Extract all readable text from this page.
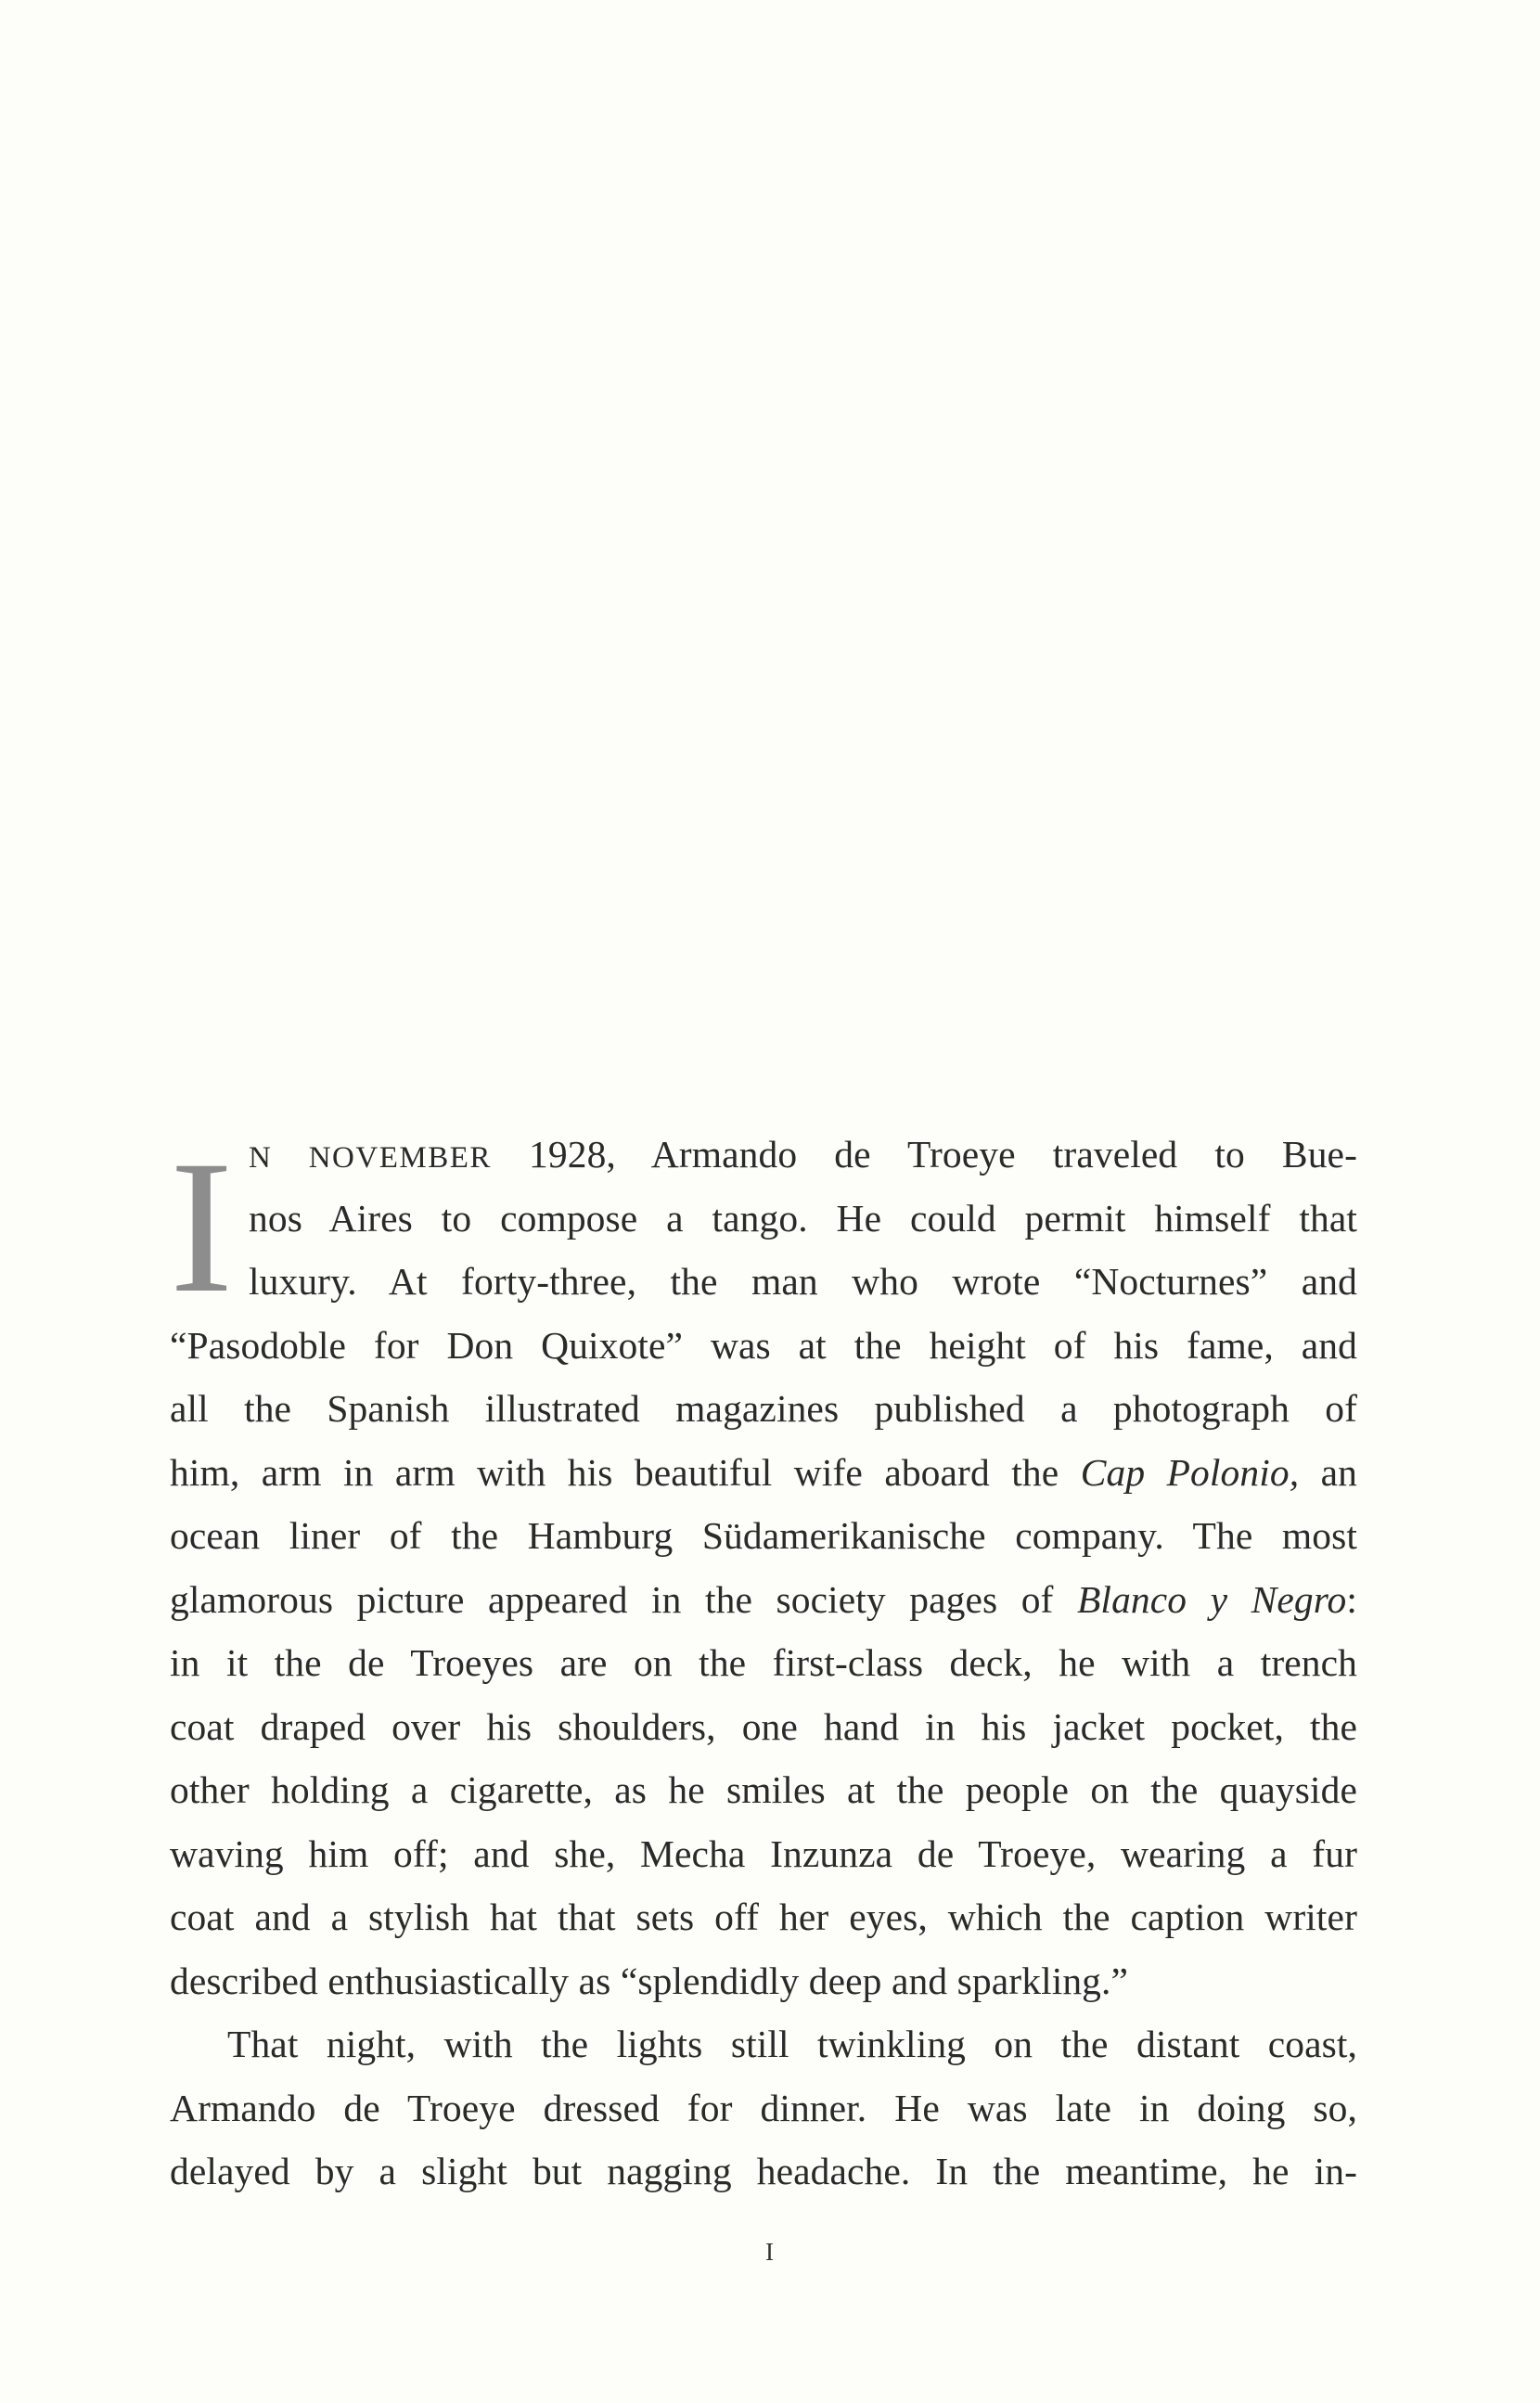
I N NOVEMBER 1928, Armando de Troeye traveled to Bue-
nos Aires to compose a tango. He could permit himself that
luxury. At forty-three, the man who wrote “Nocturnes” and
“Pasodoble for Don Quixote” was at the height of his fame, and
all the Spanish illustrated magazines published a photograph of
him, arm in arm with his beautiful wife aboard the Cap Polonio, an
ocean liner of the Hamburg Südamerikanische company. The most
glamorous picture appeared in the society pages of Blanco y Negro:
in it the de Troeyes are on the first-class deck, he with a trench
coat draped over his shoulders, one hand in his jacket pocket, the
other holding a cigarette, as he smiles at the people on the quayside
waving him off; and she, Mecha Inzunza de Troeye, wearing a fur
coat and a stylish hat that sets off her eyes, which the caption writer
described enthusiastically as “splendidly deep and sparkling.”
That night, with the lights still twinkling on the distant coast,
Armando de Troeye dressed for dinner. He was late in doing so,
delayed by a slight but nagging headache. In the meantime, he in-
I
